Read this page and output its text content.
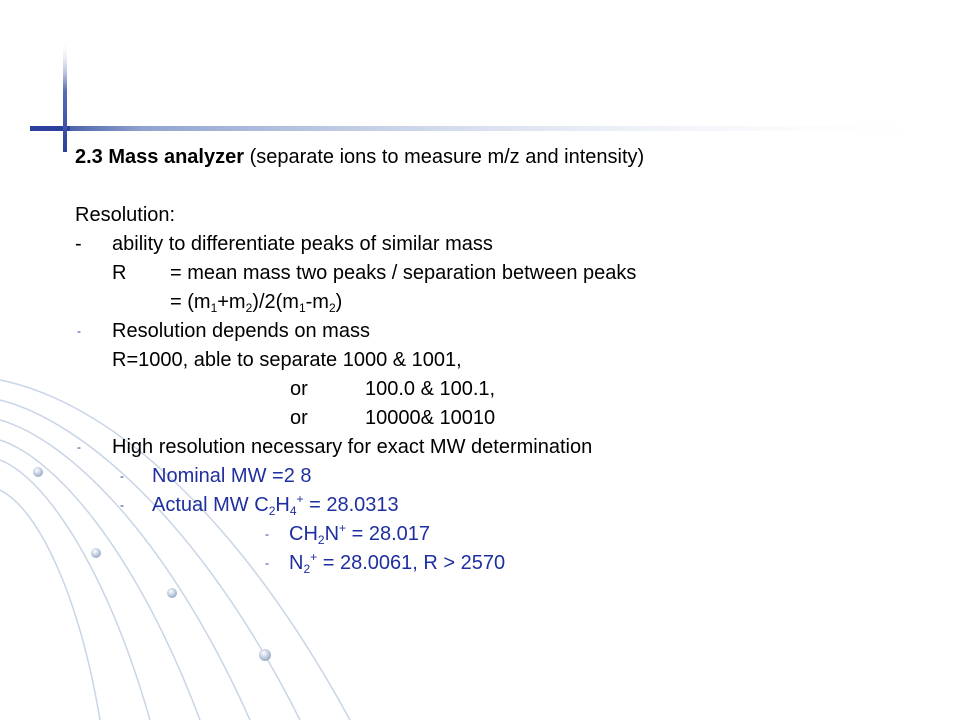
2.3 Mass analyzer (separate ions to measure m/z and intensity)
Resolution:
- ability to differentiate peaks of similar mass
R = mean mass two peaks / separation between peaks
= $(m_1+m_2)/2(m_1-m_2)$
- Resolution depends on mass
R=1000, able to separate 1000 & 1001,
or	100.0 & 100.1,
or	10000& 10010
- High resolution necessary for exact MW determination
- Nominal MW =2 8
- Actual MW $C_2H_4^+ = 28.0313$
- $CH_2N^+ = 28.017$
- $N_2^+ = 28.0061$, R > 2570
